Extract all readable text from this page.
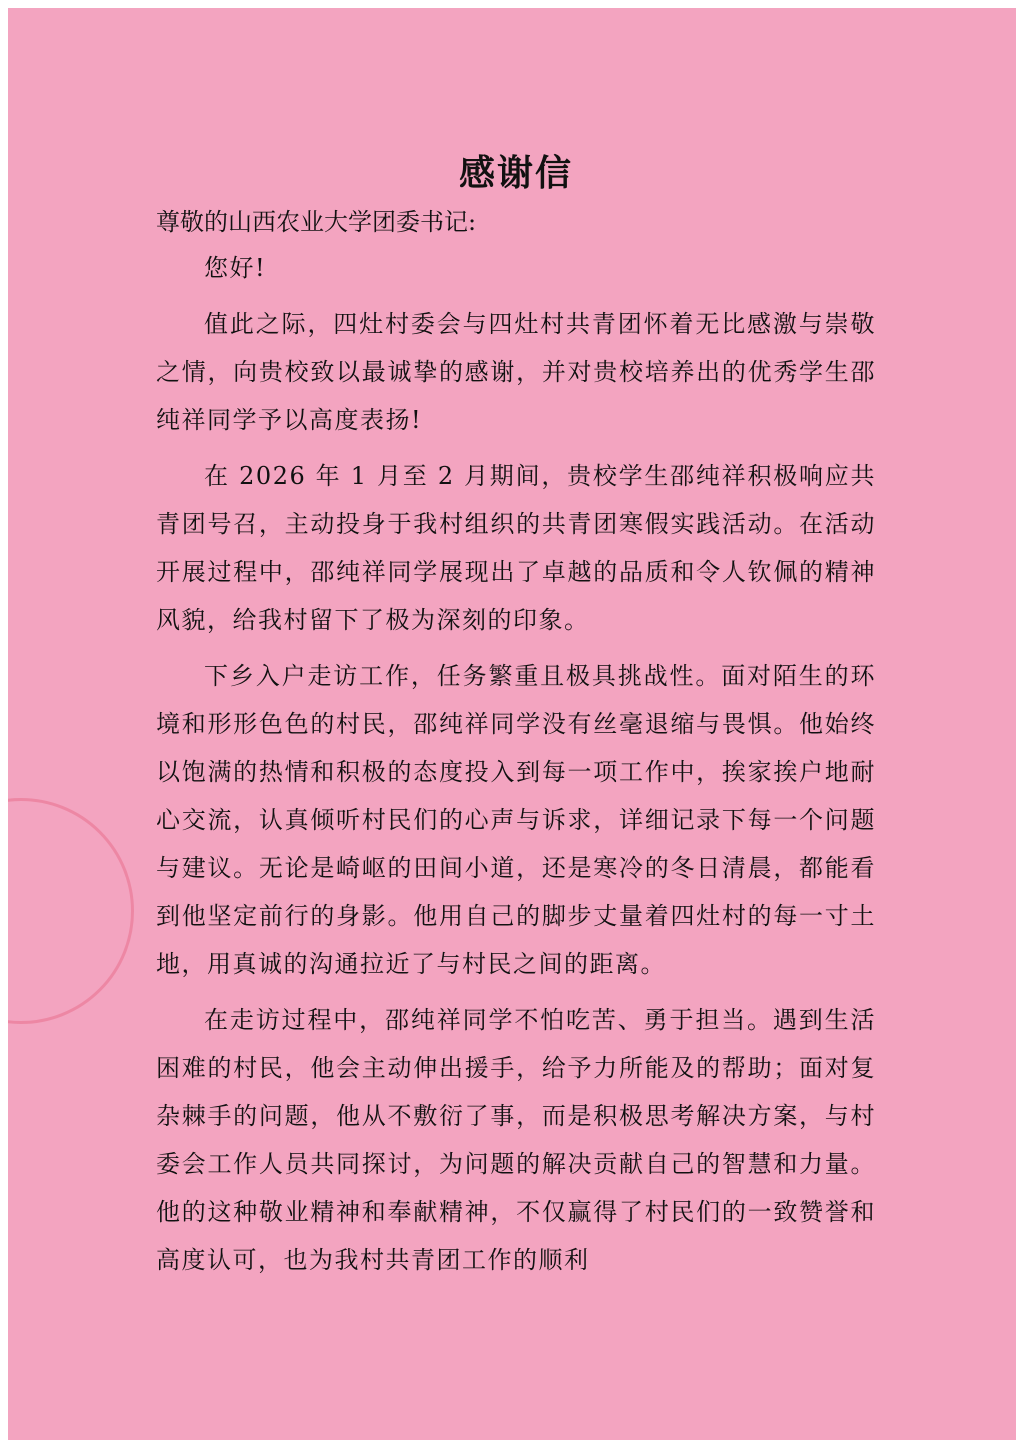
感谢信

尊敬的山西农业大学团委书记:

您好!

值此之际，四灶村委会与四灶村共青团怀着无比感激与崇敬之情，向贵校致以最诚挚的感谢，并对贵校培养出的优秀学生邵纯祥同学予以高度表扬!

在 2026 年 1 月至 2 月期间，贵校学生邵纯祥积极响应共青团号召，主动投身于我村组织的共青团寒假实践活动。在活动开展过程中，邵纯祥同学展现出了卓越的品质和令人钦佩的精神风貌，给我村留下了极为深刻的印象。

下乡入户走访工作，任务繁重且极具挑战性。面对陌生的环境和形形色色的村民，邵纯祥同学没有丝毫退缩与畏惧。他始终以饱满的热情和积极的态度投入到每一项工作中，挨家挨户地耐心交流，认真倾听村民们的心声与诉求，详细记录下每一个问题与建议。无论是崎岖的田间小道，还是寒冷的冬日清晨，都能看到他坚定前行的身影。他用自己的脚步丈量着四灶村的每一寸土地，用真诚的沟通拉近了与村民之间的距离。

在走访过程中，邵纯祥同学不怕吃苦、勇于担当。遇到生活困难的村民，他会主动伸出援手，给予力所能及的帮助；面对复杂棘手的问题，他从不敷衍了事，而是积极思考解决方案，与村委会工作人员共同探讨，为问题的解决贡献自己的智慧和力量。他的这种敬业精神和奉献精神，不仅赢得了村民们的一致赞誉和高度认可，也为我村共青团工作的顺利
